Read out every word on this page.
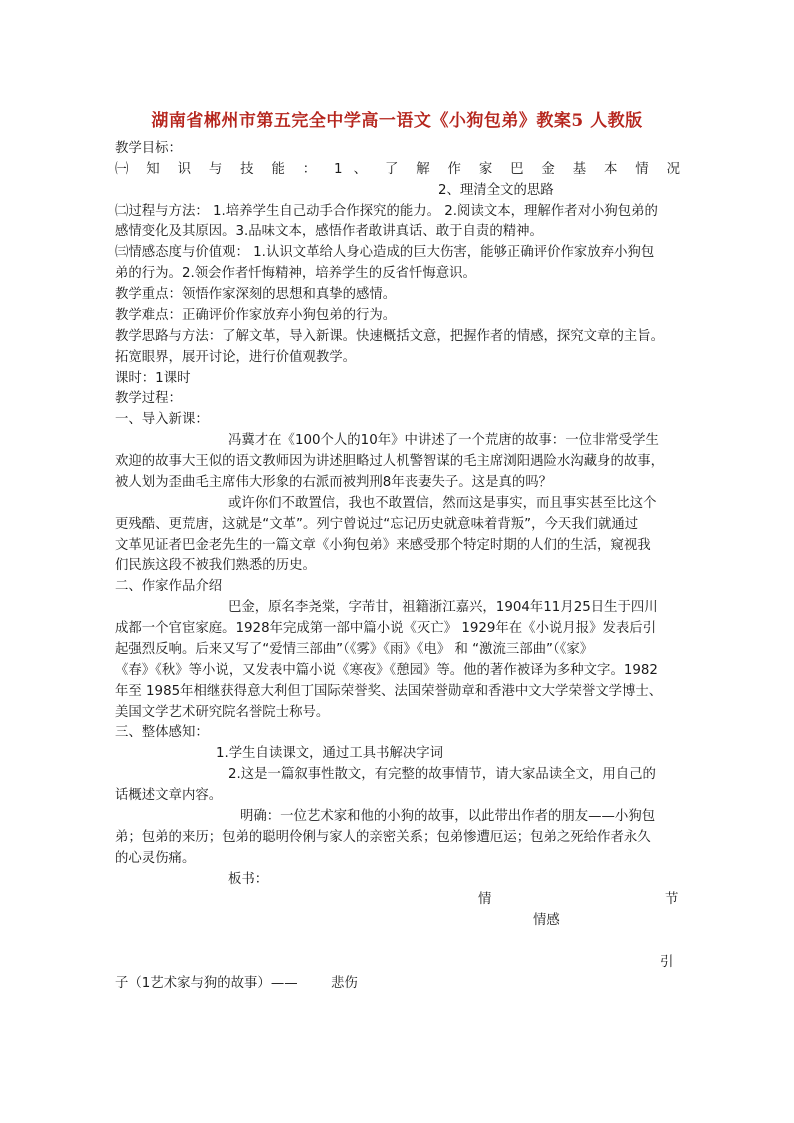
湖南省郴州市第五完全中学高一语文《小狗包弟》教案5 人教版
教学目标：
㈠ 知 识 与 技 能 ： 1 、 了 解 作 家 巴 金 基 本 情 况
2、理清全文的思路
㈡过程与方法： 1.培养学生自己动手合作探究的能力。 2.阅读文本，理解作者对小狗包弟的
感情变化及其原因。3.品味文本，感悟作者敢讲真话、敢于自责的精神。
㈢情感态度与价值观： 1.认识文革给人身心造成的巨大伤害，能够正确评价作家放弃小狗包
弟的行为。2.领会作者忏悔精神，培养学生的反省忏悔意识。
教学重点：领悟作家深刻的思想和真挚的感情。
教学难点：正确评价作家放弃小狗包弟的行为。
教学思路与方法：了解文革，导入新课。快速概括文意，把握作者的情感，探究文章的主旨。
拓宽眼界，展开讨论，进行价值观教学。
课时：1课时
教学过程：
一、导入新课：
冯冀才在《100个人的10年》中讲述了一个荒唐的故事：一位非常受学生
欢迎的故事大王似的语文教师因为讲述胆略过人机警智谋的毛主席浏阳遇险水沟藏身的故事，
被人划为歪曲毛主席伟大形象的右派而被判刑8年丧妻失子。这是真的吗？
或许你们不敢置信，我也不敢置信，然而这是事实，而且事实甚至比这个
更残酷、更荒唐，这就是“文革”。列宁曾说过“忘记历史就意味着背叛”，今天我们就通过
文革见证者巴金老先生的一篇文章《小狗包弟》来感受那个特定时期的人们的生活，窥视我
们民族这段不被我们熟悉的历史。
二、作家作品介绍
巴金，原名李尧棠，字芾甘，祖籍浙江嘉兴，1904年11月25日生于四川
成都一个官宦家庭。1928年完成第一部中篇小说《灭亡》 1929年在《小说月报》发表后引
起强烈反响。后来又写了“爱情三部曲”（《雾》《雨》《电》 和 “激流三部曲”（《家》
《春》《秋》等小说，又发表中篇小说《寒夜》《憩园》等。他的著作被译为多种文字。1982
年至 1985年相继获得意大利但丁国际荣誉奖、法国荣誉勋章和香港中文大学荣誉文学博士、
美国文学艺术研究院名誉院士称号。
三、整体感知：
1.学生自读课文，通过工具书解决字词
2.这是一篇叙事性散文，有完整的故事情节，请大家品读全文，用自己的
话概述文章内容。
明确：一位艺术家和他的小狗的故事，以此带出作者的朋友——小狗包
弟；包弟的来历；包弟的聪明伶俐与家人的亲密关系；包弟惨遭厄运；包弟之死给作者永久
的心灵伤痛。
板书：
情	节
情感
引
子（1艺术家与狗的故事）—— 悲伤
